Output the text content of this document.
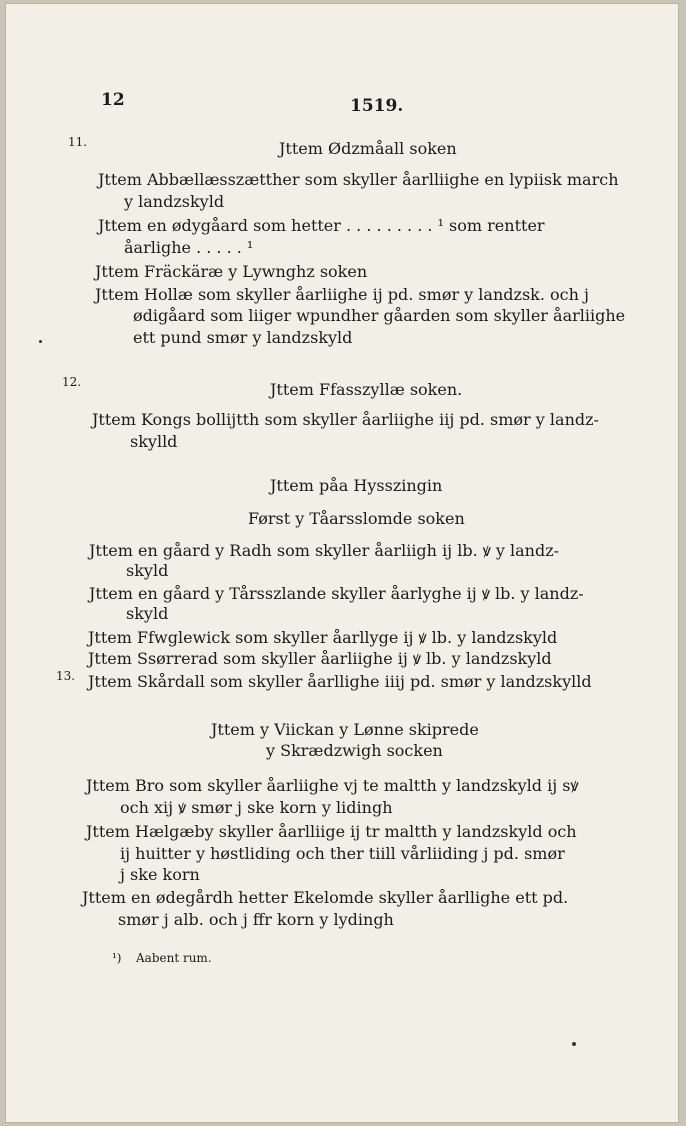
12	1519.
11.	Jttem Ødzmåall soken
Jttem Abbællæsszætther som skyller åarlliighe en lypiisk march
y landzskyld
Jttem en ødygåard som hetter . . . . . . . . . ¹ som rentter
åarlighe . . . . . ¹
Jttem Fräckäræ y Lywnghz soken
Jttem Hollæ som skyller åarliighe ij pd. smør y landzsk. och j
ødigåard som liiger wpundher gåarden som skyller åarliighe
ett pund smør y landzskyld
12.	Jttem Ffasszyllæ soken.
Jttem Kongs bollijtth som skyller åarliighe iij pd. smør y landz-
skylld
Jttem påa Hysszingin
Først y Tåarsslomde soken
Jttem en gåard y Radh som skyller åarliigh ij lb. ꝟ y landz-
skyld
Jttem en gåard y Tårsszlande skyller åarlyghe ij ꝟ lb. y landz-
skyld
Jttem Ffwglewick som skyller åarllyge ij ꝟ lb. y landzskyld
Jttem Ssørrerad som skyller åarliighe ij ꝟ lb. y landzskyld
13. Jttem Skårdall som skyller åarllighe iiij pd. smør y landzskylld
Jttem y Viickan y Lønne skiprede
y Skrædzwigh socken
Jttem Bro som skyller åarliighe vj te maltth y landzskyld ij sꝟ
och xij ꝟ smør j ske korn y lidingh
Jttem Hælgæby skyller åarlliige ij tr maltth y landzskyld och
ij huitter y høstliding och ther tiill vårliiding j pd. smør
j ske korn
Jttem en ødegårdh hetter Ekelomde skyller åarllighe ett pd.
smør j alb. och j ffr korn y lydingh
¹) Aabent rum.
